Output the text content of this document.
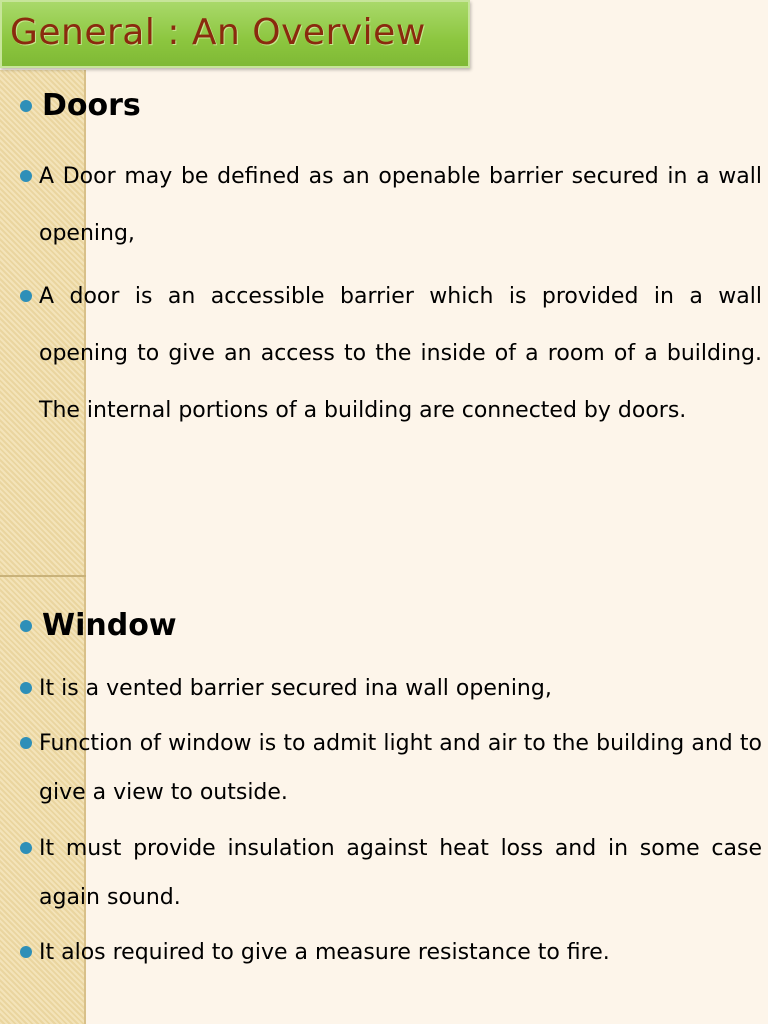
General : An Overview
Doors
A Door may be defined as an openable barrier secured in a wall opening,
A door is an accessible barrier which is provided in a wall opening to give an access to the inside of a room of a building. The internal portions of a building are connected by doors.
Window
It is a vented barrier secured ina wall opening,
Function of window is to admit light and air to the building and to give a view to outside.
It must provide insulation against heat loss and in some case again sound.
It alos required to give a measure resistance to fire.
